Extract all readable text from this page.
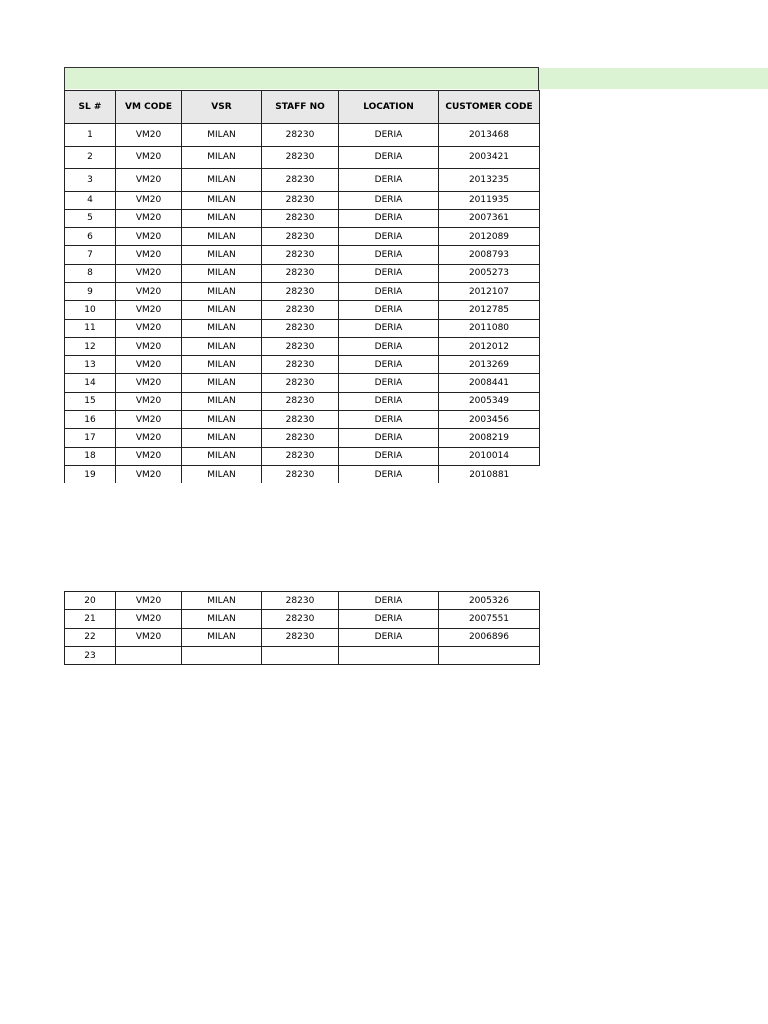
SL #	VM CODE	VSR	STAFF NO	LOCATION	CUSTOMER CODE
1	VM20	MILAN	28230	DERIA	2013468
2	VM20	MILAN	28230	DERIA	2003421
3	VM20	MILAN	28230	DERIA	2013235
4	VM20	MILAN	28230	DERIA	2011935
5	VM20	MILAN	28230	DERIA	2007361
6	VM20	MILAN	28230	DERIA	2012089
7	VM20	MILAN	28230	DERIA	2008793
8	VM20	MILAN	28230	DERIA	2005273
9	VM20	MILAN	28230	DERIA	2012107
10	VM20	MILAN	28230	DERIA	2012785
11	VM20	MILAN	28230	DERIA	2011080
12	VM20	MILAN	28230	DERIA	2012012
13	VM20	MILAN	28230	DERIA	2013269
14	VM20	MILAN	28230	DERIA	2008441
15	VM20	MILAN	28230	DERIA	2005349
16	VM20	MILAN	28230	DERIA	2003456
17	VM20	MILAN	28230	DERIA	2008219
18	VM20	MILAN	28230	DERIA	2010014
19	VM20	MILAN	28230	DERIA	2010881
20	VM20	MILAN	28230	DERIA	2005326
21	VM20	MILAN	28230	DERIA	2007551
22	VM20	MILAN	28230	DERIA	2006896
23					
